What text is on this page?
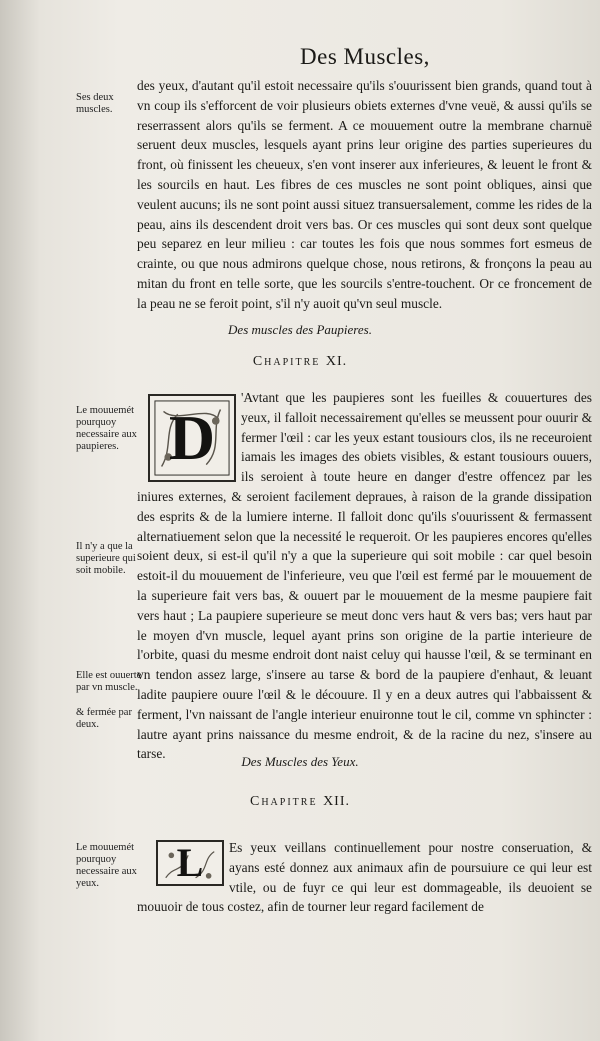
Des Muscles,
Ses deux muscles.
Le mouuemét pourquoy necessaire aux paupieres.
Il n'y a que la superieure qui soit mobile.
Elle est ouuerte par vn muscle.
& fermée par deux.
Le mouuemét pourquoy necessaire aux yeux.

des yeux, d'autant qu'il estoit necessaire qu'ils s'ouurissent bien grands, quand tout à vn coup ils s'efforcent de voir plusieurs obiets externes d'vne veuë, & aussi qu'ils se reserrassent alors qu'ils se ferment. A ce mouuement outre la membrane charnuë seruent deux muscles, lesquels ayant prins leur origine des parties superieures du front, où finissent les cheueux, s'en vont inserer aux inferieures, & leuent le front & les sourcils en haut. Les fibres de ces muscles ne sont point obliques, ainsi que veulent aucuns; ils ne sont point aussi situez transuersalement, comme les rides de la peau, ains ils descendent droit vers bas. Or ces muscles qui sont deux sont quelque peu separez en leur milieu : car toutes les fois que nous sommes fort esmeus de crainte, ou que nous admirons quelque chose, nous retirons, & fronçons la peau au mitan du front en telle sorte, que les sourcils s'entre-touchent. Or ce froncement de la peau ne se feroit point, s'il n'y auoit qu'vn seul muscle.

Des muscles des Paupieres.
Chapitre XI.
D

'Avtant que les paupieres sont les fueilles & couuertures des yeux, il falloit necessairement qu'elles se meussent pour ouurir & fermer l'œil : car les yeux estant tousiours clos, ils ne receuroient iamais les images des obiets visibles, & estant tousiours ouuers, ils seroient à toute heure en danger d'estre offencez par les iniures externes, & seroient facilement depraues, à raison de la grande dissipation des esprits & de la lumiere interne. Il falloit donc qu'ils s'ouurissent & fermassent alternatiuement selon que la necessité le requeroit. Or les paupieres encores qu'elles soient deux, si est-il qu'il n'y a que la superieure qui soit mobile : car quel besoin estoit-il du mouuement de l'inferieure, veu que l'œil est fermé par le mouuement de la superieure fait vers bas, & ouuert par le mouuement de la mesme paupiere fait vers haut ; La paupiere superieure se meut donc vers haut & vers bas; vers haut par le moyen d'vn muscle, lequel ayant prins son origine de la partie interieure de l'orbite, quasi du mesme endroit dont naist celuy qui hausse l'œil, & se terminant en vn tendon assez large, s'insere au tarse & bord de la paupiere d'enhaut, & leuant ladite paupiere ouure l'œil & le découure. Il y en a deux autres qui l'abbaissent & ferment, l'vn naissant de l'angle interieur enuironne tout le cil, comme vn sphincter : lautre ayant prins naissance du mesme endroit, & de la racine du nez, s'insere au tarse.

Des Muscles des Yeux.
Chapitre XII.
L	Es yeux veillans continuellement pour nostre conseruation, & ayans esté donnez aux animaux afin de poursuiure ce qui leur est vtile, ou de fuyr ce qui leur est dommageable, ils deuoient se mouuoir de tous costez, afin de tourner leur regard facilement de
